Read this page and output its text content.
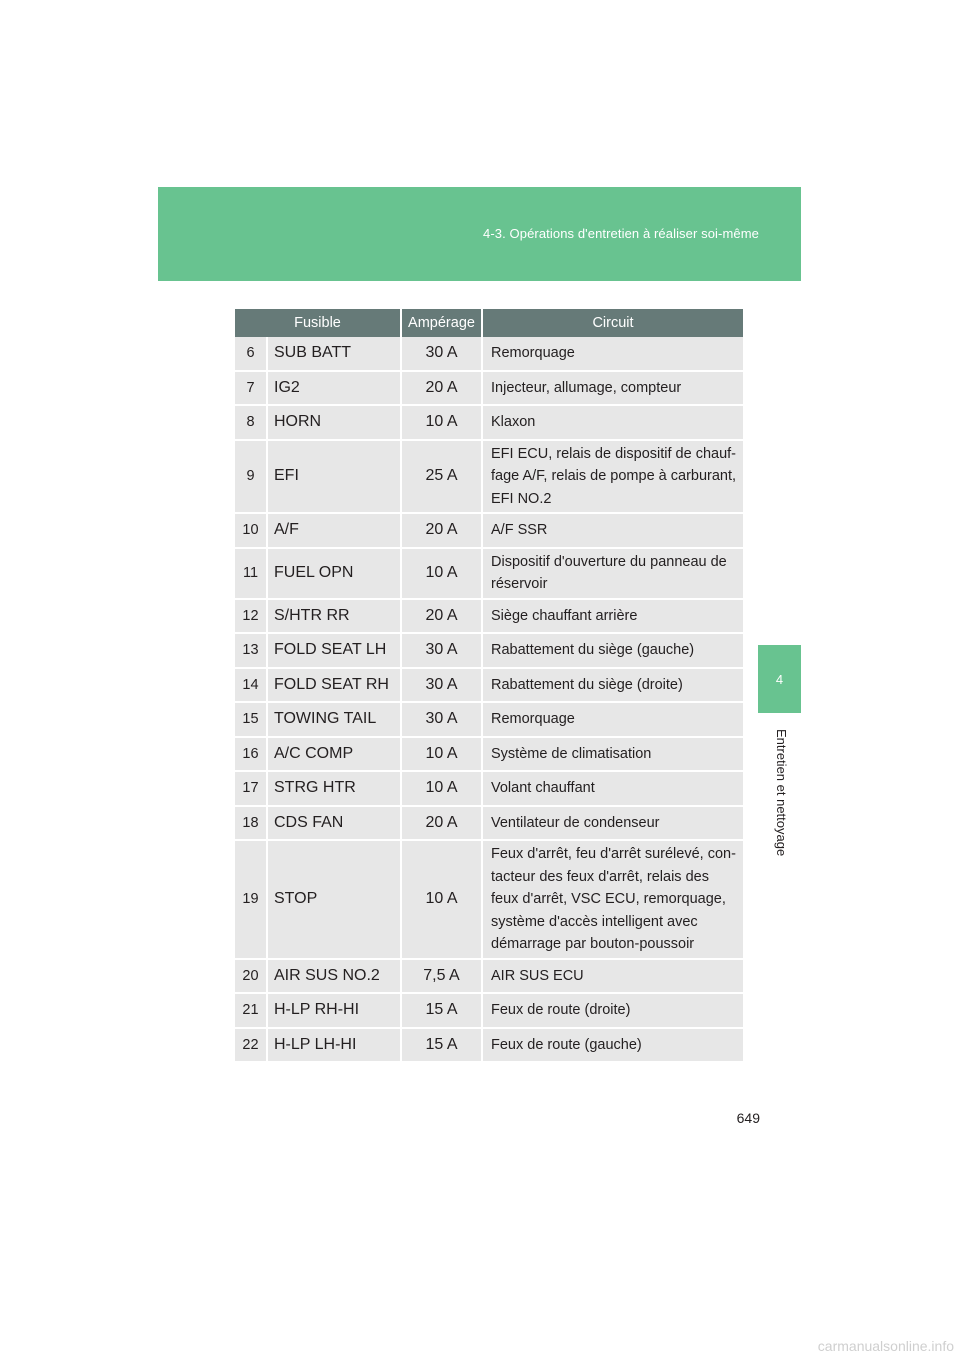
4-3. Opérations d'entretien à réaliser soi-même
4
Entretien et nettoyage
Fusible		Ampérage	Circuit
6	SUB BATT	30 A	Remorquage
7	IG2	20 A	Injecteur, allumage, compteur
8	HORN	10 A	Klaxon
9	EFI	25 A	EFI ECU, relais de dispositif de chauf-fage A/F, relais de pompe à carburant, EFI NO.2
10	A/F	20 A	A/F SSR
11	FUEL OPN	10 A	Dispositif d'ouverture du panneau de réservoir
12	S/HTR RR	20 A	Siège chauffant arrière
13	FOLD SEAT LH	30 A	Rabattement du siège (gauche)
14	FOLD SEAT RH	30 A	Rabattement du siège (droite)
15	TOWING TAIL	30 A	Remorquage
16	A/C COMP	10 A	Système de climatisation
17	STRG HTR	10 A	Volant chauffant
18	CDS FAN	20 A	Ventilateur de condenseur
19	STOP	10 A	Feux d'arrêt, feu d'arrêt surélevé, con-tacteur des feux d'arrêt, relais des feux d'arrêt, VSC ECU, remorquage, système d'accès intelligent avec démarrage par bouton-poussoir
20	AIR SUS NO.2	7,5 A	AIR SUS ECU
21	H-LP RH-HI	15 A	Feux de route (droite)
22	H-LP LH-HI	15 A	Feux de route (gauche)
649
carmanualsonline.info
